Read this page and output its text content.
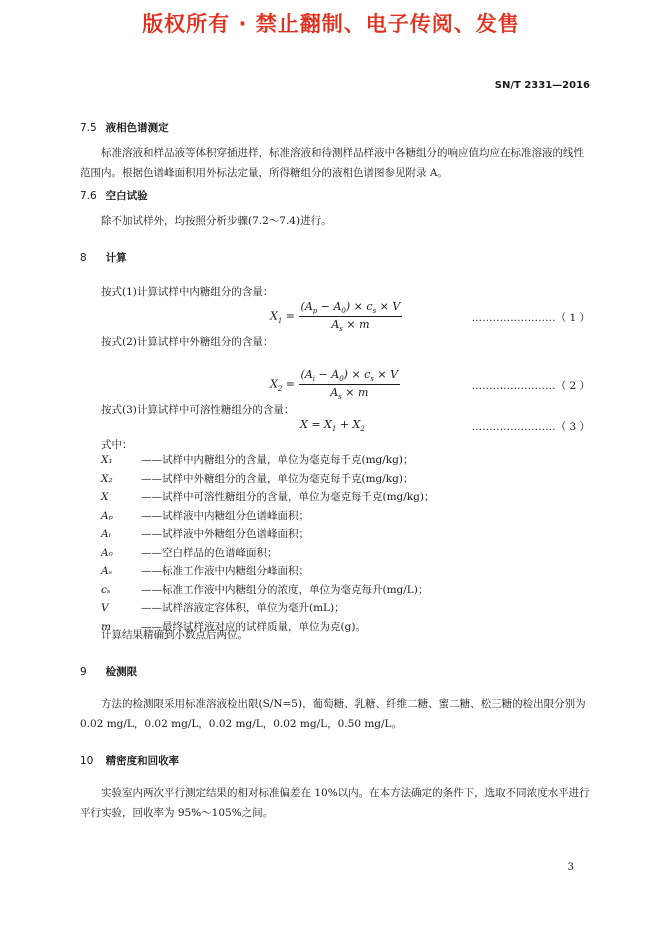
版权所有 · 禁止翻制、电子传阅、发售
SN/T 2331—2016
7.5 液相色谱测定
标准溶液和样品液等体积穿插进样，标准溶液和待测样品样液中各糖组分的响应值均应在标准溶液的线性范围内。根据色谱峰面积用外标法定量，所得糖组分的液相色谱图参见附录 A。
7.6 空白试验
除不加试样外，均按照分析步骤(7.2～7.4)进行。
8 计算
按式(1)计算试样中内糖组分的含量：
$X_1 = \frac{(A_p - A_0) \times c_s \times V}{A_s \times m}$	……………………（ 1 ）
按式(2)计算试样中外糖组分的含量：
$X_2 = \frac{(A_i - A_0) \times c_s \times V}{A_s \times m}$	……………………（ 2 ）
按式(3)计算试样中可溶性糖组分的含量：
$X = X_1 + X_2$	……………………（ 3 ）
式中：
X₁	——试样中内糖组分的含量，单位为毫克每千克(mg/kg)；
X₂	——试样中外糖组分的含量，单位为毫克每千克(mg/kg)；
X	——试样中可溶性糖组分的含量，单位为毫克每千克(mg/kg)；
Aₚ	——试样液中内糖组分色谱峰面积；
Aᵢ	——试样液中外糖组分色谱峰面积；
A₀	——空白样品的色谱峰面积；
Aₛ	——标准工作液中内糖组分峰面积；
cₛ	——标准工作液中内糖组分的浓度，单位为毫克每升(mg/L)；
V	——试样溶液定容体积，单位为毫升(mL)；
m	——最终试样液对应的试样质量，单位为克(g)。
计算结果精确到小数点后两位。
9 检测限
方法的检测限采用标准溶液检出限(S/N=5)，葡萄糖、乳糖、纤维二糖、蜜二糖、松三糖的检出限分别为 0.02 mg/L，0.02 mg/L，0.02 mg/L，0.02 mg/L，0.50 mg/L。
10 精密度和回收率
实验室内两次平行测定结果的相对标准偏差在 10%以内。在本方法确定的条件下，选取不同浓度水平进行平行实验，回收率为 95%～105%之间。
3
